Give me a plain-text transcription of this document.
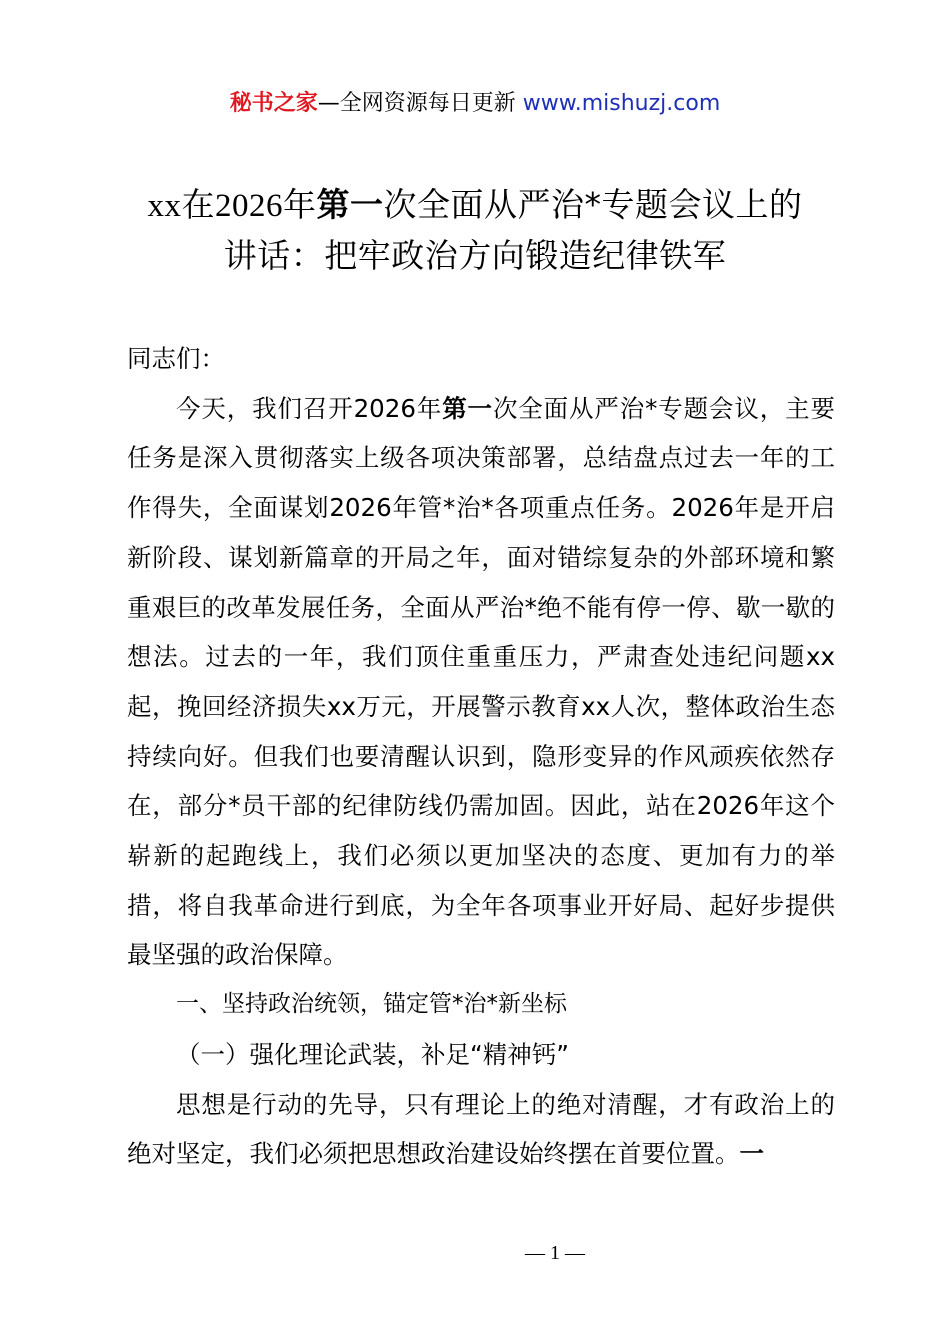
秘书之家—全网资源每日更新 www.mishuzj.com
xx在2026年第一次全面从严治*专题会议上的
讲话：把牢政治方向锻造纪律铁军

同志们：

今天，我们召开2026年第一次全面从严治*专题会议，主要任务是深入贯彻落实上级各项决策部署，总结盘点过去一年的工作得失，全面谋划2026年管*治*各项重点任务。2026年是开启新阶段、谋划新篇章的开局之年，面对错综复杂的外部环境和繁重艰巨的改革发展任务，全面从严治*绝不能有停一停、歇一歇的想法。过去的一年，我们顶住重重压力，严肃查处违纪问题xx起，挽回经济损失xx万元，开展警示教育xx人次，整体政治生态持续向好。但我们也要清醒认识到，隐形变异的作风顽疾依然存在，部分*员干部的纪律防线仍需加固。因此，站在2026年这个崭新的起跑线上，我们必须以更加坚决的态度、更加有力的举措，将自我革命进行到底，为全年各项事业开好局、起好步提供最坚强的政治保障。

一、坚持政治统领，锚定管*治*新坐标

（一）强化理论武装，补足“精神钙”

思想是行动的先导，只有理论上的绝对清醒，才有政治上的绝对坚定，我们必须把思想政治建设始终摆在首要位置。一

— 1 —
